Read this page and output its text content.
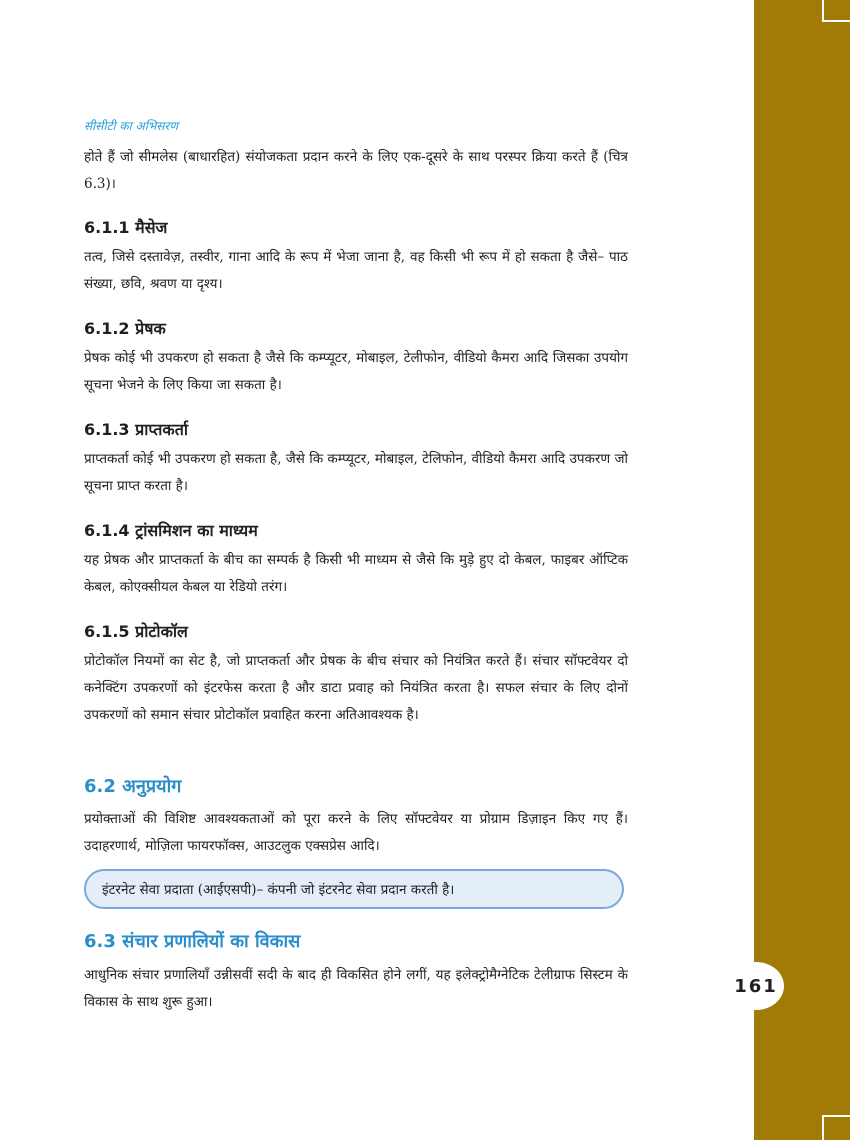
161
सीसीटी का अभिसरण
होते हैं जो सीमलेस (बाधारहित) संयोजकता प्रदान करने के लिए एक-दूसरे के साथ परस्पर क्रिया करते हैं (चित्र 6.3)।
6.1.1 मैसेज
तत्व, जिसे दस्तावेज़, तस्वीर, गाना आदि के रूप में भेजा जाना है, वह किसी भी रूप में हो सकता है जैसे– पाठ संख्या, छवि, श्रवण या दृश्य।
6.1.2 प्रेषक
प्रेषक कोई भी उपकरण हो सकता है जैसे कि कम्प्यूटर, मोबाइल, टेलीफोन, वीडियो कैमरा आदि जिसका उपयोग सूचना भेजने के लिए किया जा सकता है।
6.1.3 प्राप्तकर्ता
प्राप्तकर्ता कोई भी उपकरण हो सकता है, जैसे कि कम्प्यूटर, मोबाइल, टेलिफोन, वीडियो कैमरा आदि उपकरण जो सूचना प्राप्त करता है।
6.1.4 ट्रांसमिशन का माध्यम
यह प्रेषक और प्राप्तकर्ता के बीच का सम्पर्क है किसी भी माध्यम से जैसे कि मुड़े हुए दो केबल, फाइबर ऑप्टिक केबल, कोएक्सीयल केबल या रेडियो तरंग।
6.1.5 प्रोटोकॉल
प्रोटोकॉल नियमों का सेट है, जो प्राप्तकर्ता और प्रेषक के बीच संचार को नियंत्रित करते हैं। संचार सॉफ्टवेयर दो कनेक्टिंग उपकरणों को इंटरफेस करता है और डाटा प्रवाह को नियंत्रित करता है। सफल संचार के लिए दोनों उपकरणों को समान संचार प्रोटोकॉल प्रवाहित करना अतिआवश्यक है।
6.2 अनुप्रयोग
प्रयोक्ताओं की विशिष्ट आवश्यकताओं को पूरा करने के लिए सॉफ्टवेयर या प्रोग्राम डिज़ाइन किए गए हैं। उदाहरणार्थ, मोज़िला फायरफॉक्स, आउटलुक एक्सप्रेस आदि।
इंटरनेट सेवा प्रदाता (आईएसपी)– कंपनी जो इंटरनेट सेवा प्रदान करती है।
6.3 संचार प्रणालियों का विकास
आधुनिक संचार प्रणालियाँ उन्नीसवीं सदी के बाद ही विकसित होने लगीं, यह इलेक्ट्रोमैग्नेटिक टेलीग्राफ सिस्टम के विकास के साथ शुरू हुआ।
